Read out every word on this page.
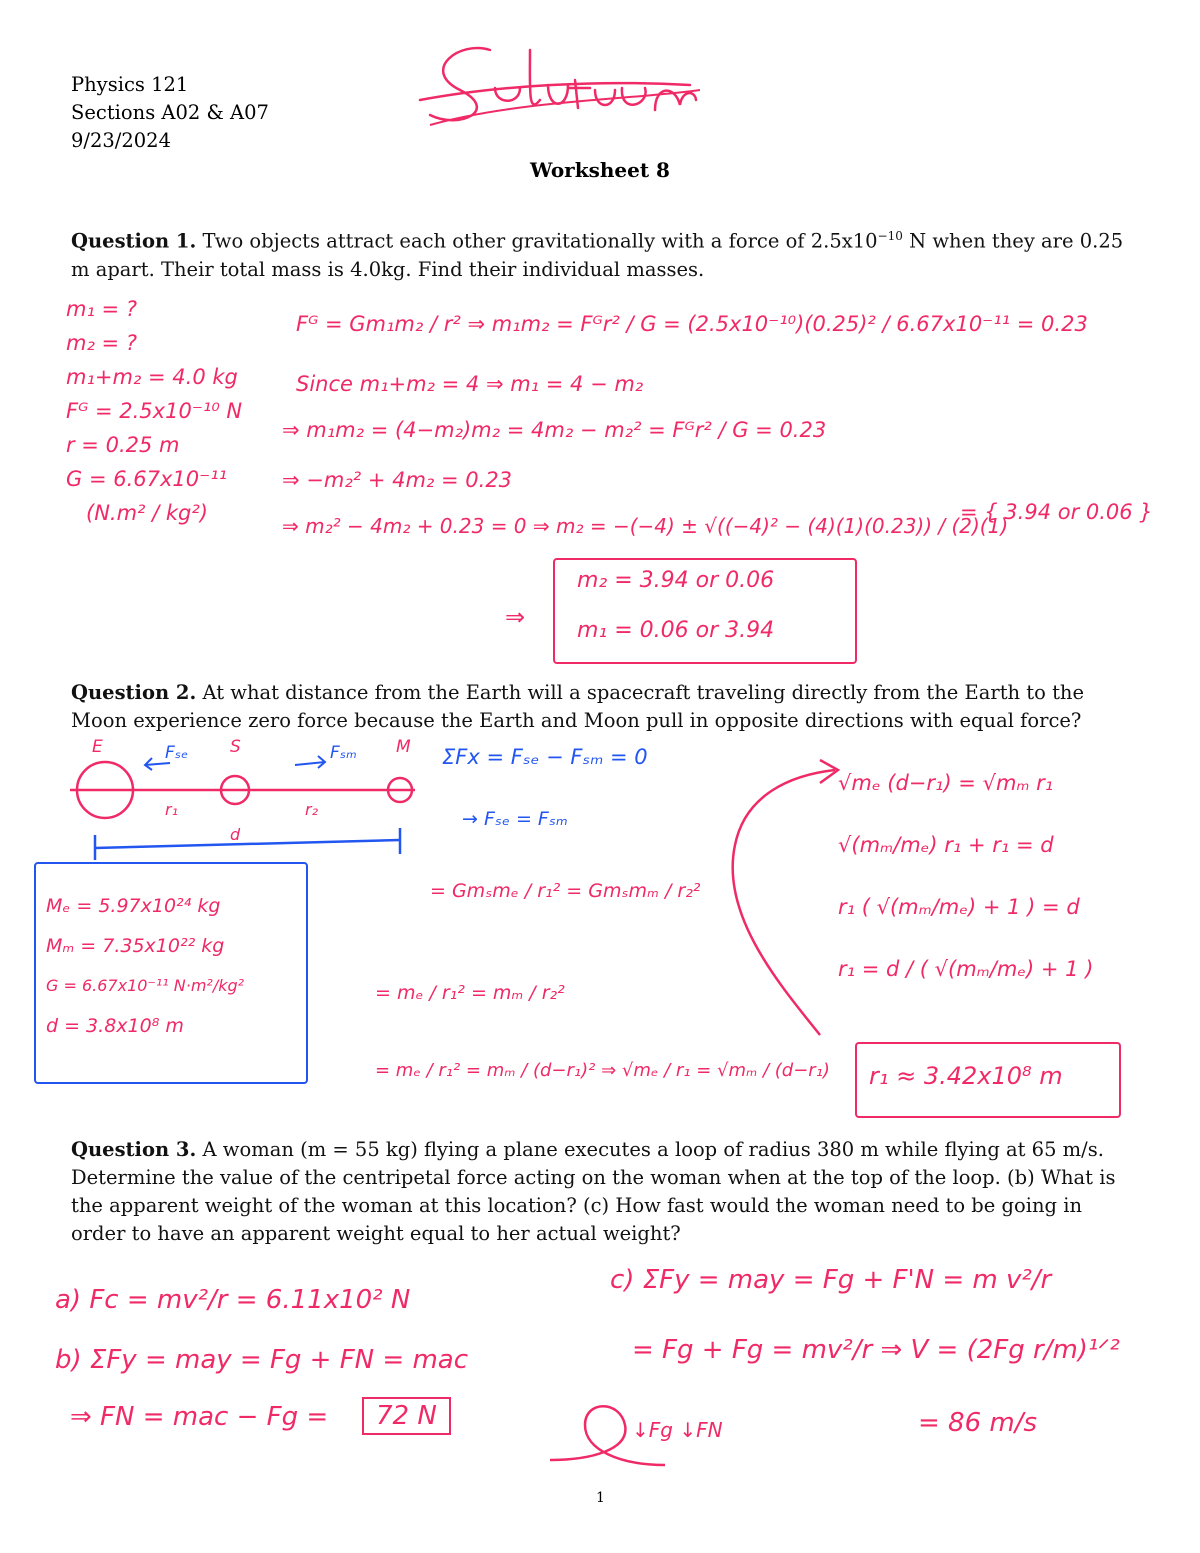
Physics 121
Sections A02 & A07
9/23/2024
Worksheet 8
Question 1. Two objects attract each other gravitationally with a force of $2.5x10^{-10}$ N when they are 0.25 m apart. Their total mass is 4.0kg. Find their individual masses.
m₁ = ?
m₂ = ?
m₁+m₂ = 4.0 kg
Fᴳ = 2.5x10⁻¹⁰ N
r = 0.25 m
G = 6.67x10⁻¹¹
(N.m² / kg²)
Fᴳ = Gm₁m₂ / r² ⇒ m₁m₂ = Fᴳr² / G = (2.5x10⁻¹⁰)(0.25)² / 6.67x10⁻¹¹ = 0.23
Since m₁+m₂ = 4 ⇒ m₁ = 4 − m₂
⇒ m₁m₂ = (4−m₂)m₂ = 4m₂ − m₂² = Fᴳr² / G = 0.23
⇒ −m₂² + 4m₂ = 0.23
⇒ m₂² − 4m₂ + 0.23 = 0 ⇒ m₂ = −(−4) ± √((−4)² − (4)(1)(0.23)) / (2)(1)
= { 3.94 or 0.06 }
⇒
m₂ = 3.94 or 0.06
m₁ = 0.06 or 3.94
Question 2. At what distance from the Earth will a spacecraft traveling directly from the Earth to the Moon experience zero force because the Earth and Moon pull in opposite directions with equal force?
E	S	M
Fₛₑ	Fₛₘ
r₁	r₂
d
ΣFx = Fₛₑ − Fₛₘ = 0
→ Fₛₑ = Fₛₘ
Mₑ = 5.97x10²⁴ kg
Mₘ = 7.35x10²² kg
G = 6.67x10⁻¹¹ N·m²/kg²
d = 3.8x10⁸ m
= Gmₛmₑ / r₁² = Gmₛmₘ / r₂²
= mₑ / r₁² = mₘ / r₂²
= mₑ / r₁² = mₘ / (d−r₁)² ⇒ √mₑ / r₁ = √mₘ / (d−r₁)
√mₑ (d−r₁) = √mₘ r₁
√(mₘ/mₑ) r₁ + r₁ = d
r₁ ( √(mₘ/mₑ) + 1 ) = d
r₁ = d / ( √(mₘ/mₑ) + 1 )
r₁ ≈ 3.42x10⁸ m
Question 3. A woman (m = 55 kg) flying a plane executes a loop of radius 380 m while flying at 65 m/s. Determine the value of the centripetal force acting on the woman when at the top of the loop. (b) What is the apparent weight of the woman at this location? (c) How fast would the woman need to be going in order to have an apparent weight equal to her actual weight?
a) Fc = mv²/r = 6.11x10² N
b) ΣFy = may = Fg + FN = mac
⇒ FN = mac − Fg =	72 N
c) ΣFy = may = Fg + F'N = m v²/r
= Fg + Fg = mv²/r ⇒ V = (2Fg r/m)¹ᐟ²
= 86 m/s
↓Fg ↓FN
1
